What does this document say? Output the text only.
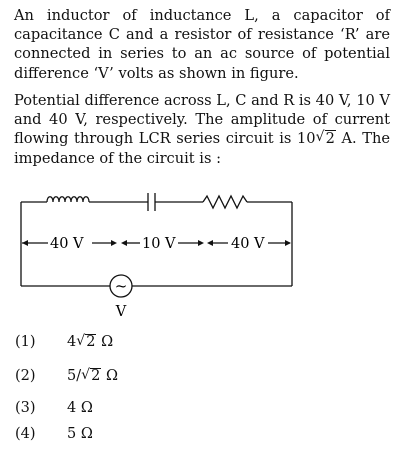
An inductor of inductance L, a capacitor of capacitance C and a resistor of resistance ‘R’ are connected in series to an ac source of potential difference ‘V’ volts as shown in figure.
Potential difference across L, C and R is 40 V, 10 V and 40 V, respectively. The amplitude of current flowing through LCR series circuit is 10 √ 2 A. The impedance of the circuit is :
40 V	10 V	40 V
~
V
(1) 4 √ 2 Ω
(2) 5/ √ 2 Ω
(3) 4 Ω
(4) 5 Ω
